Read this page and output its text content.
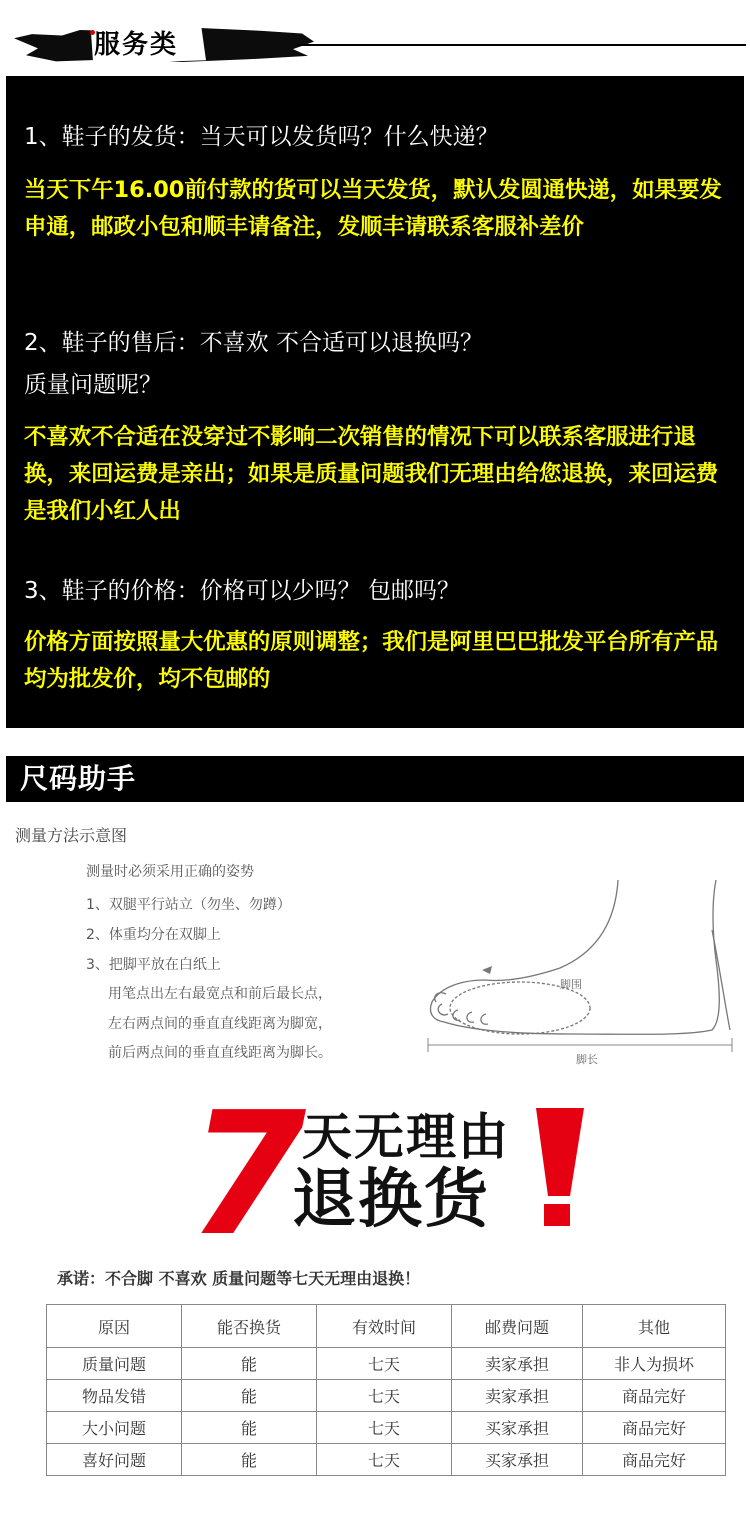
服务类
1、鞋子的发货：当天可以发货吗？什么快递？
当天下午16.00前付款的货可以当天发货，默认发圆通快递，如果要发申通，邮政小包和顺丰请备注，发顺丰请联系客服补差价
2、鞋子的售后：不喜欢 不合适可以退换吗？
质量问题呢？
不喜欢不合适在没穿过不影响二次销售的情况下可以联系客服进行退换，来回运费是亲出；如果是质量问题我们无理由给您退换，来回运费是我们小红人出
3、鞋子的价格：价格可以少吗？ 包邮吗？
价格方面按照量大优惠的原则调整；我们是阿里巴巴批发平台所有产品均为批发价，均不包邮的
尺码助手
测量方法示意图
测量时必须采用正确的姿势
1、双腿平行站立（勿坐、勿蹲）
2、体重均分在双脚上
3、把脚平放在白纸上
用笔点出左右最宽点和前后最长点，
左右两点间的垂直直线距离为脚宽，
前后两点间的垂直直线距离为脚长。
脚围
脚长
7
天无理由
退换货
承诺：不合脚 不喜欢 质量问题等七天无理由退换！
原因	能否换货	有效时间	邮费问题	其他
质量问题	能	七天	卖家承担	非人为损坏
物品发错	能	七天	卖家承担	商品完好
大小问题	能	七天	买家承担	商品完好
喜好问题	能	七天	买家承担	商品完好
